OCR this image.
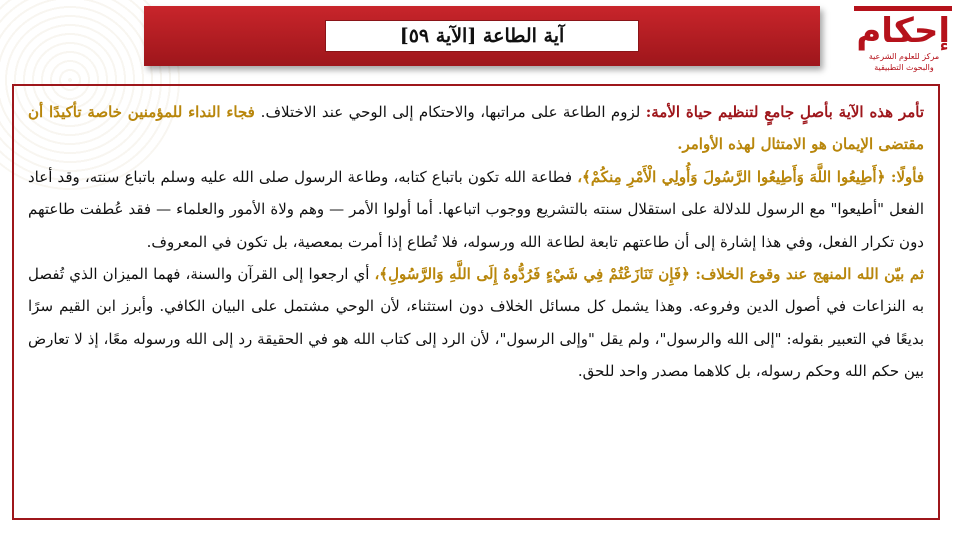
آية الطاعة [الآية ٥٩]	إحكام
مركز للعلوم الشرعية
والبحوث التطبيقية

تأمر هذه الآية بأصلٍ جامعٍ لتنظيم حياة الأمة: لزوم الطاعة على مراتبها، والاحتكام إلى الوحي عند الاختلاف. فجاء النداء للمؤمنين خاصة تأكيدًا أن مقتضى الإيمان هو الامتثال لهذه الأوامر.

فأولًا: ﴿أَطِيعُوا اللَّهَ وَأَطِيعُوا الرَّسُولَ وَأُولِي الْأَمْرِ مِنكُمْ﴾، فطاعة الله تكون باتباع كتابه، وطاعة الرسول صلى الله عليه وسلم باتباع سنته، وقد أعاد الفعل "أطيعوا" مع الرسول للدلالة على استقلال سنته بالتشريع ووجوب اتباعها. أما أولوا الأمر — وهم ولاة الأمور والعلماء — فقد عُطفت طاعتهم دون تكرار الفعل، وفي هذا إشارة إلى أن طاعتهم تابعة لطاعة الله ورسوله، فلا تُطاع إذا أمرت بمعصية، بل تكون في المعروف.

ثم بيّن الله المنهج عند وقوع الخلاف: ﴿فَإِن تَنَازَعْتُمْ فِي شَيْءٍ فَرُدُّوهُ إِلَى اللَّهِ وَالرَّسُولِ﴾، أي ارجعوا إلى القرآن والسنة، فهما الميزان الذي تُفصل به النزاعات في أصول الدين وفروعه. وهذا يشمل كل مسائل الخلاف دون استثناء، لأن الوحي مشتمل على البيان الكافي. وأبرز ابن القيم سرًا بديعًا في التعبير بقوله: "إلى الله والرسول"، ولم يقل "وإلى الرسول"، لأن الرد إلى كتاب الله هو في الحقيقة رد إلى الله ورسوله معًا، إذ لا تعارض بين حكم الله وحكم رسوله، بل كلاهما مصدر واحد للحق.
